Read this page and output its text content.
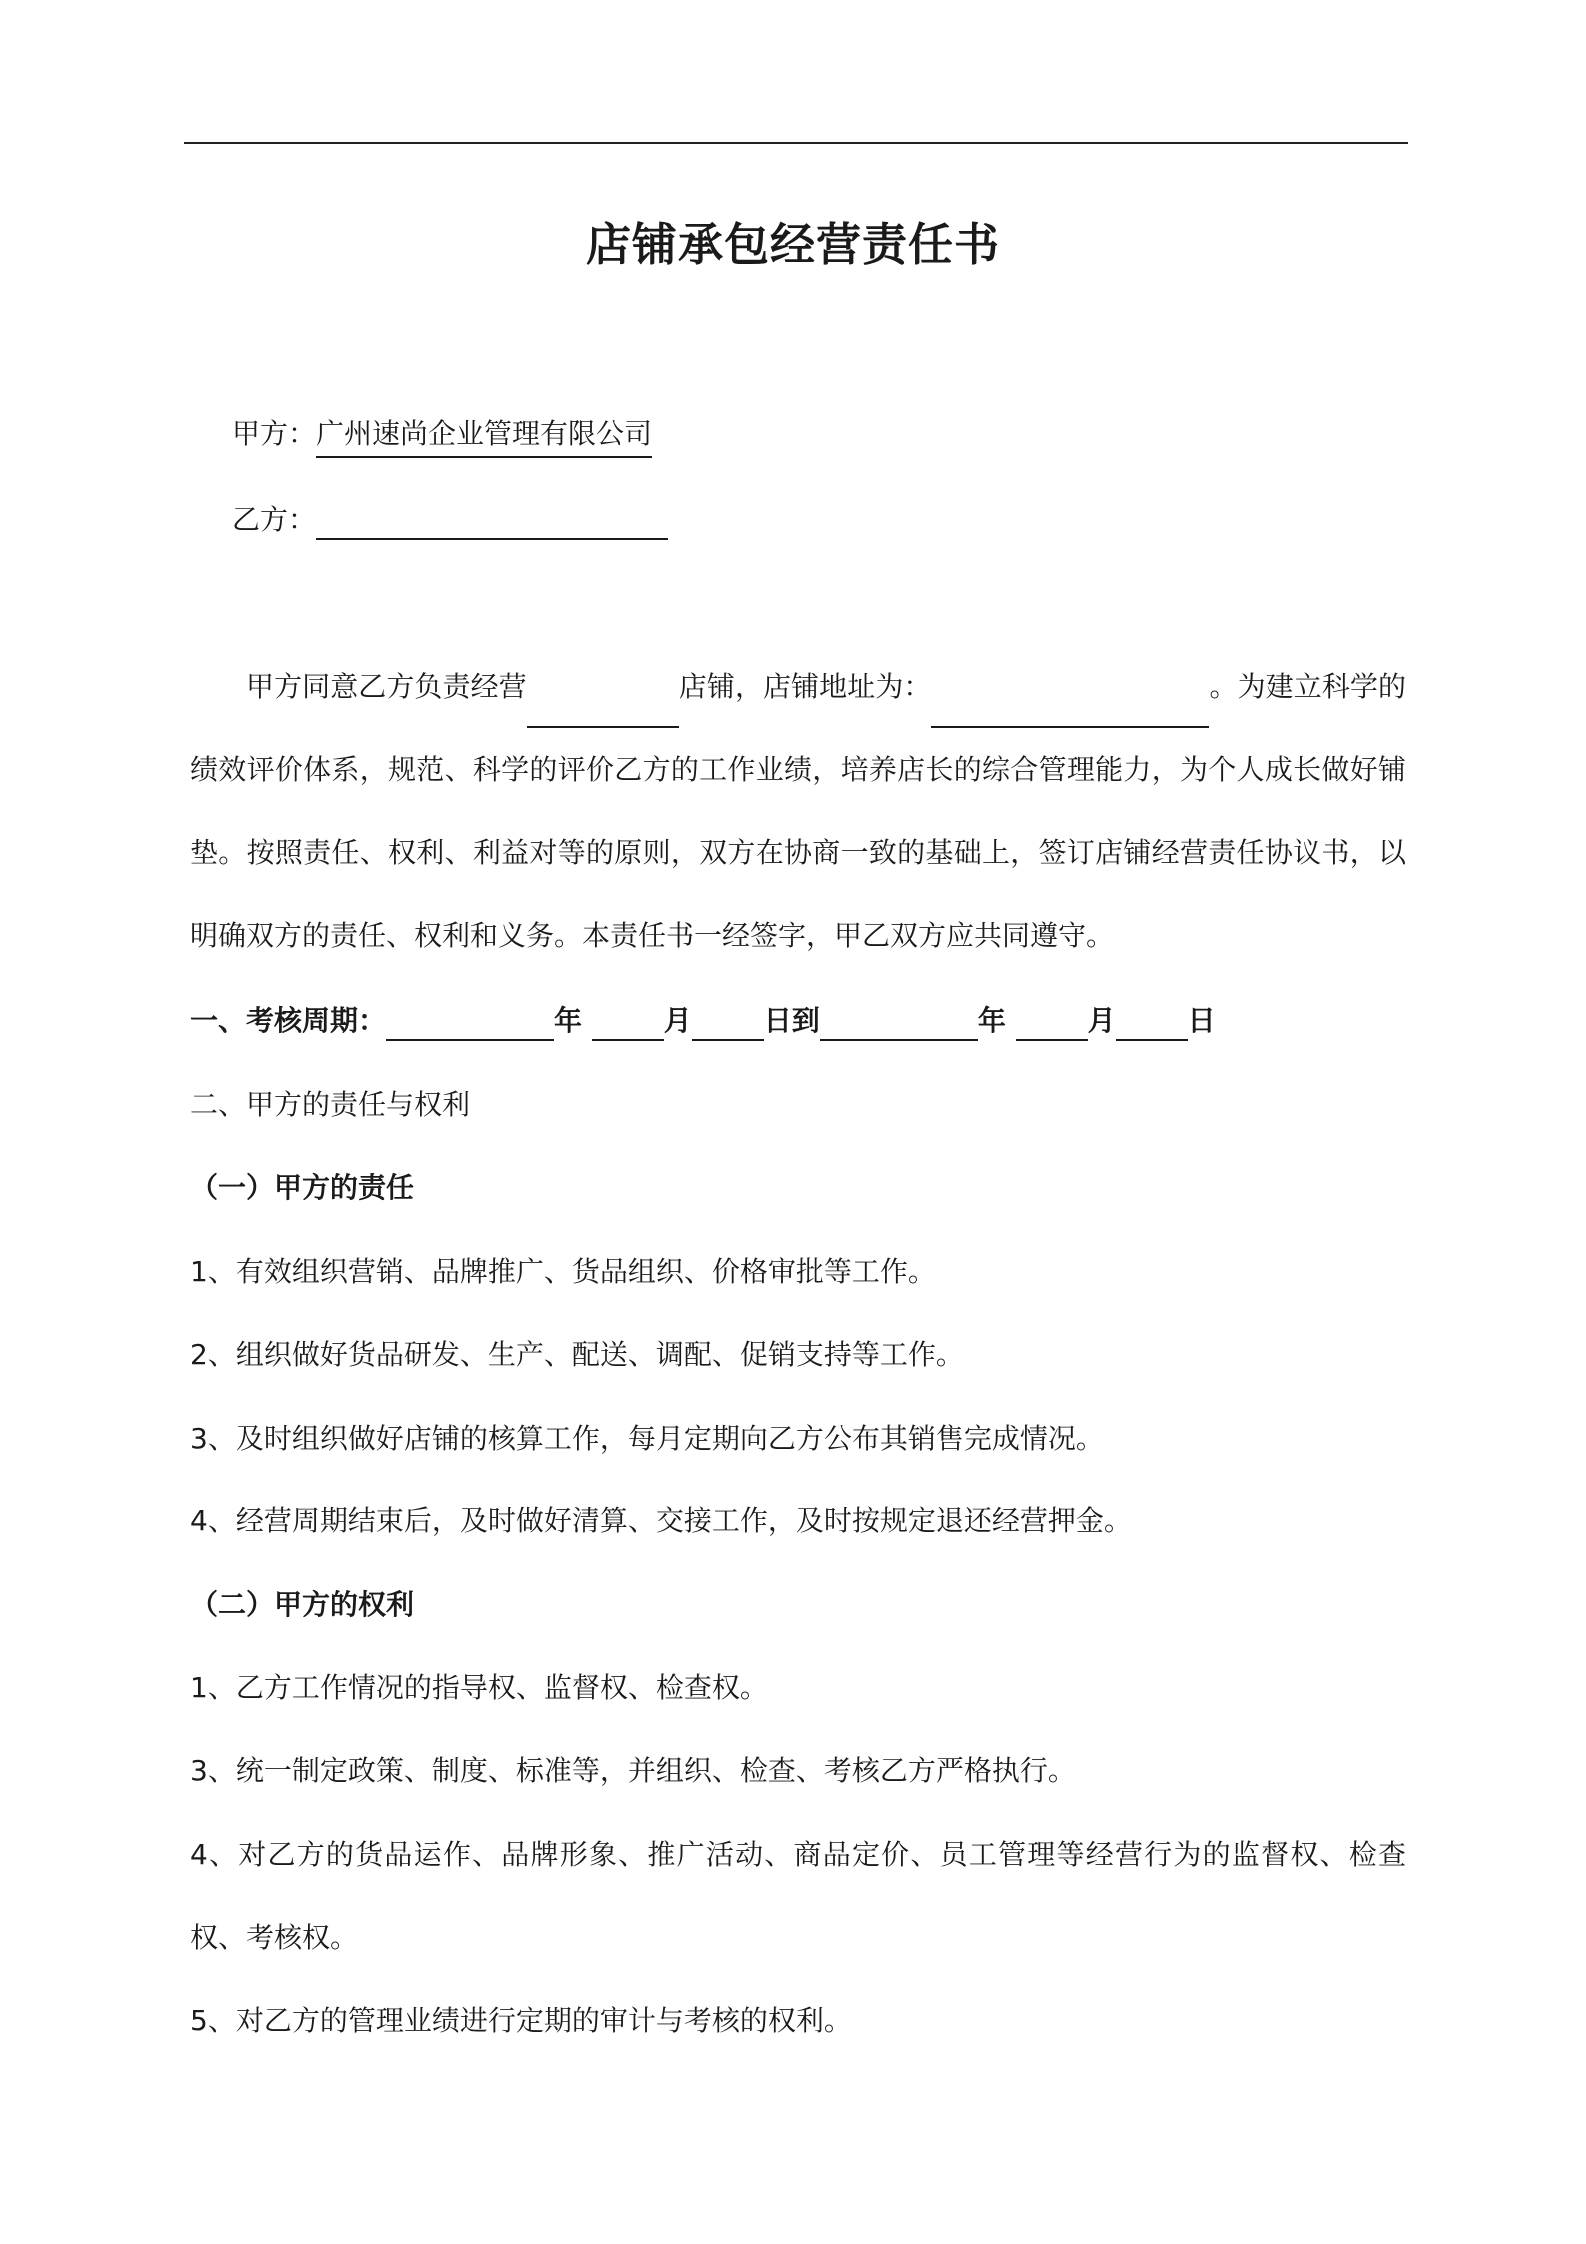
店铺承包经营责任书
甲方：广州速尚企业管理有限公司
乙方：
甲方同意乙方负责经营	店铺，店铺地址为：	。为建立科学的绩效评价体系，规范、科学的评价乙方的工作业绩，培养店长的综合管理能力，为个人成长做好铺垫。按照责任、权利、利益对等的原则，双方在协商一致的基础上，签订店铺经营责任协议书，以明确双方的责任、权利和义务。本责任书一经签字，甲乙双方应共同遵守。
一、考核周期：	年	月	日到	年	月	日
二、甲方的责任与权利
（一）甲方的责任
1、有效组织营销、品牌推广、货品组织、价格审批等工作。
2、组织做好货品研发、生产、配送、调配、促销支持等工作。
3、及时组织做好店铺的核算工作，每月定期向乙方公布其销售完成情况。
4、经营周期结束后，及时做好清算、交接工作，及时按规定退还经营押金。
（二）甲方的权利
1、乙方工作情况的指导权、监督权、检查权。
3、统一制定政策、制度、标准等，并组织、检查、考核乙方严格执行。
4、对乙方的货品运作、品牌形象、推广活动、商品定价、员工管理等经营行为的监督权、检查权、考核权。
5、对乙方的管理业绩进行定期的审计与考核的权利。
